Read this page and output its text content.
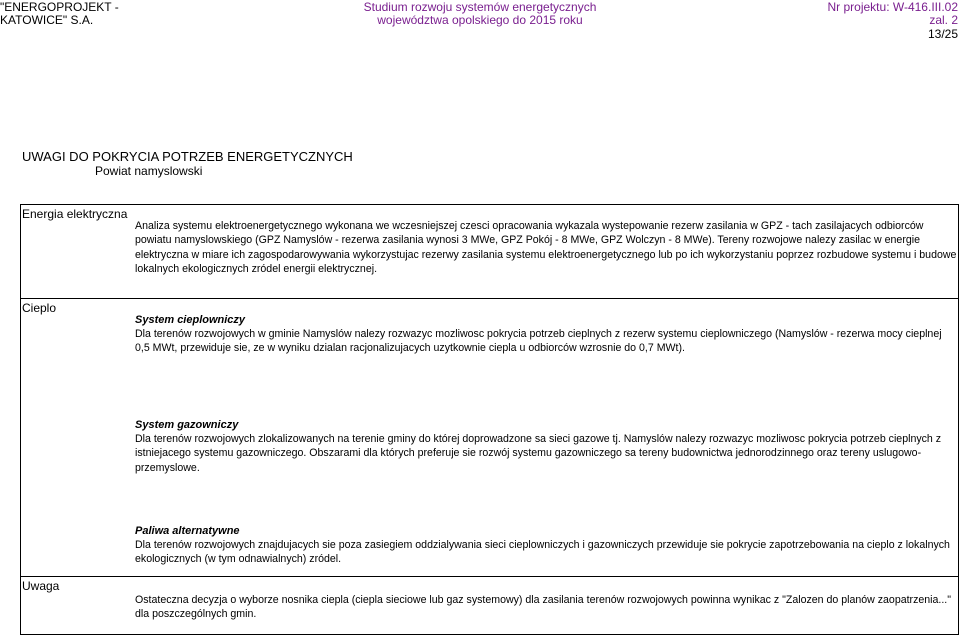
"ENERGOPROJEKT -
KATOWICE" S.A.
Studium rozwoju systemów energetycznych
województwa opolskiego do 2015 roku
Nr projektu: W-416.III.02
zal. 2
13/25
UWAGI DO POKRYCIA POTRZEB ENERGETYCZNYCH
Powiat namyslowski
Energia elektryczna
Analiza systemu elektroenergetycznego wykonana we wczesniejszej czesci opracowania wykazala wystepowanie rezerw zasilania w GPZ - tach zasilajacych odbiorców powiatu namyslowskiego (GPZ Namyslów - rezerwa zasilania wynosi 3 MWe, GPZ Pokój - 8 MWe, GPZ Wolczyn - 8 MWe). Tereny rozwojowe nalezy zasilac w energie elektryczna w miare ich zagospodarowywania wykorzystujac rezerwy zasilania systemu elektroenergetycznego lub po ich wykorzystaniu poprzez rozbudowe systemu i budowe lokalnych ekologicznych zródel energii elektrycznej.
Cieplo
System cieplowniczy
Dla terenów rozwojowych w gminie Namyslów nalezy rozwazyc mozliwosc pokrycia potrzeb cieplnych z rezerw systemu cieplowniczego (Namyslów - rezerwa mocy cieplnej 0,5 MWt, przewiduje sie, ze w wyniku dzialan racjonalizujacych uzytkownie ciepla u odbiorców wzrosnie do 0,7 MWt).
System gazowniczy
Dla terenów rozwojowych zlokalizowanych na terenie gminy do której doprowadzone sa sieci gazowe tj. Namyslów nalezy rozwazyc mozliwosc pokrycia potrzeb cieplnych z istniejacego systemu gazowniczego. Obszarami dla których preferuje sie rozwój systemu gazowniczego sa tereny budownictwa jednorodzinnego oraz tereny uslugowo-przemyslowe.
Paliwa alternatywne
Dla terenów rozwojowych znajdujacych sie poza zasiegiem oddzialywania sieci cieplowniczych i gazowniczych przewiduje sie pokrycie zapotrzebowania na cieplo z lokalnych ekologicznych (w tym odnawialnych) zródel.
Uwaga
Ostateczna decyzja o wyborze nosnika ciepla (ciepla sieciowe lub gaz systemowy) dla zasilania terenów rozwojowych powinna wynikac z "Zalozen do planów zaopatrzenia..." dla poszczególnych gmin.
